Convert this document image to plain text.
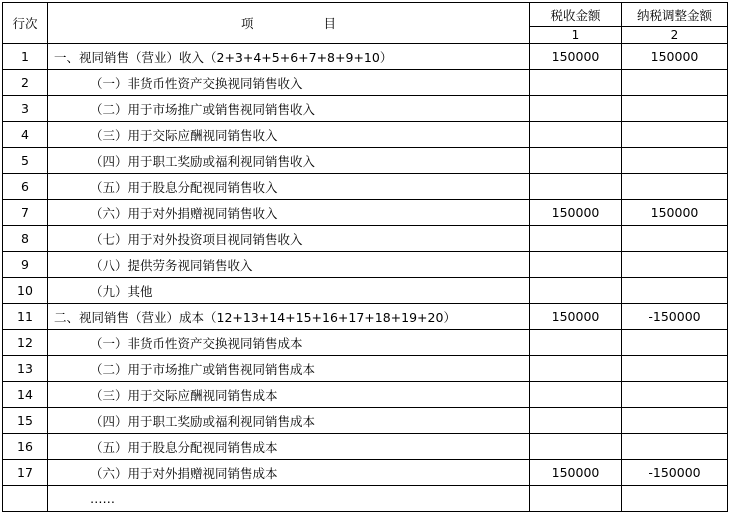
行次	项 目	税收金额	纳税调整金额
		1	2
1	一、视同销售（营业）收入（2+3+4+5+6+7+8+9+10）	150000	150000
2	（一）非货币性资产交换视同销售收入		
3	（二）用于市场推广或销售视同销售收入		
4	（三）用于交际应酬视同销售收入		
5	（四）用于职工奖励或福利视同销售收入		
6	（五）用于股息分配视同销售收入		
7	（六）用于对外捐赠视同销售收入	150000	150000
8	（七）用于对外投资项目视同销售收入		
9	（八）提供劳务视同销售收入		
10	（九）其他		
11	二、视同销售（营业）成本（12+13+14+15+16+17+18+19+20）	150000	-150000
12	（一）非货币性资产交换视同销售成本		
13	（二）用于市场推广或销售视同销售成本		
14	（三）用于交际应酬视同销售成本		
15	（四）用于职工奖励或福利视同销售成本		
16	（五）用于股息分配视同销售成本		
17	（六）用于对外捐赠视同销售成本	150000	-150000
	……		
